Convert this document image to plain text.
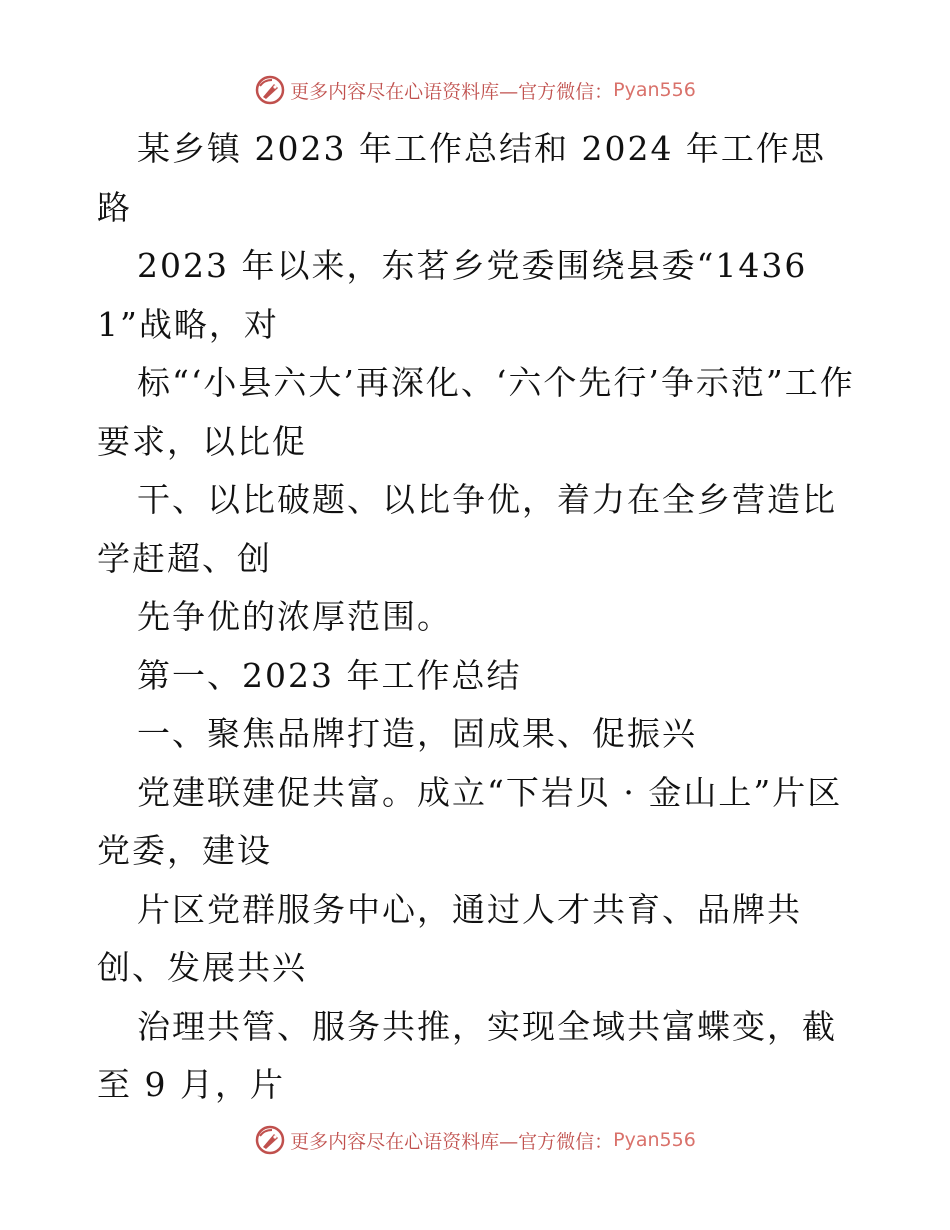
更多内容尽在心语资料库—官方微信： Pyan556

某乡镇 2023 年工作总结和 2024 年工作思路

2023 年以来，东茗乡党委围绕县委“14361”战略，对

标“‘小县六大’再深化、‘六个先行’争示范”工作要求，以比促

干、以比破题、以比争优，着力在全乡营造比学赶超、创

先争优的浓厚范围。

第一、2023 年工作总结

一、聚焦品牌打造，固成果、促振兴

党建联建促共富。成立“下岩贝 · 金山上”片区党委，建设

片区党群服务中心，通过人才共育、品牌共创、发展共兴

治理共管、服务共推，实现全域共富蝶变，截至 9 月，片

更多内容尽在心语资料库—官方微信： Pyan556
